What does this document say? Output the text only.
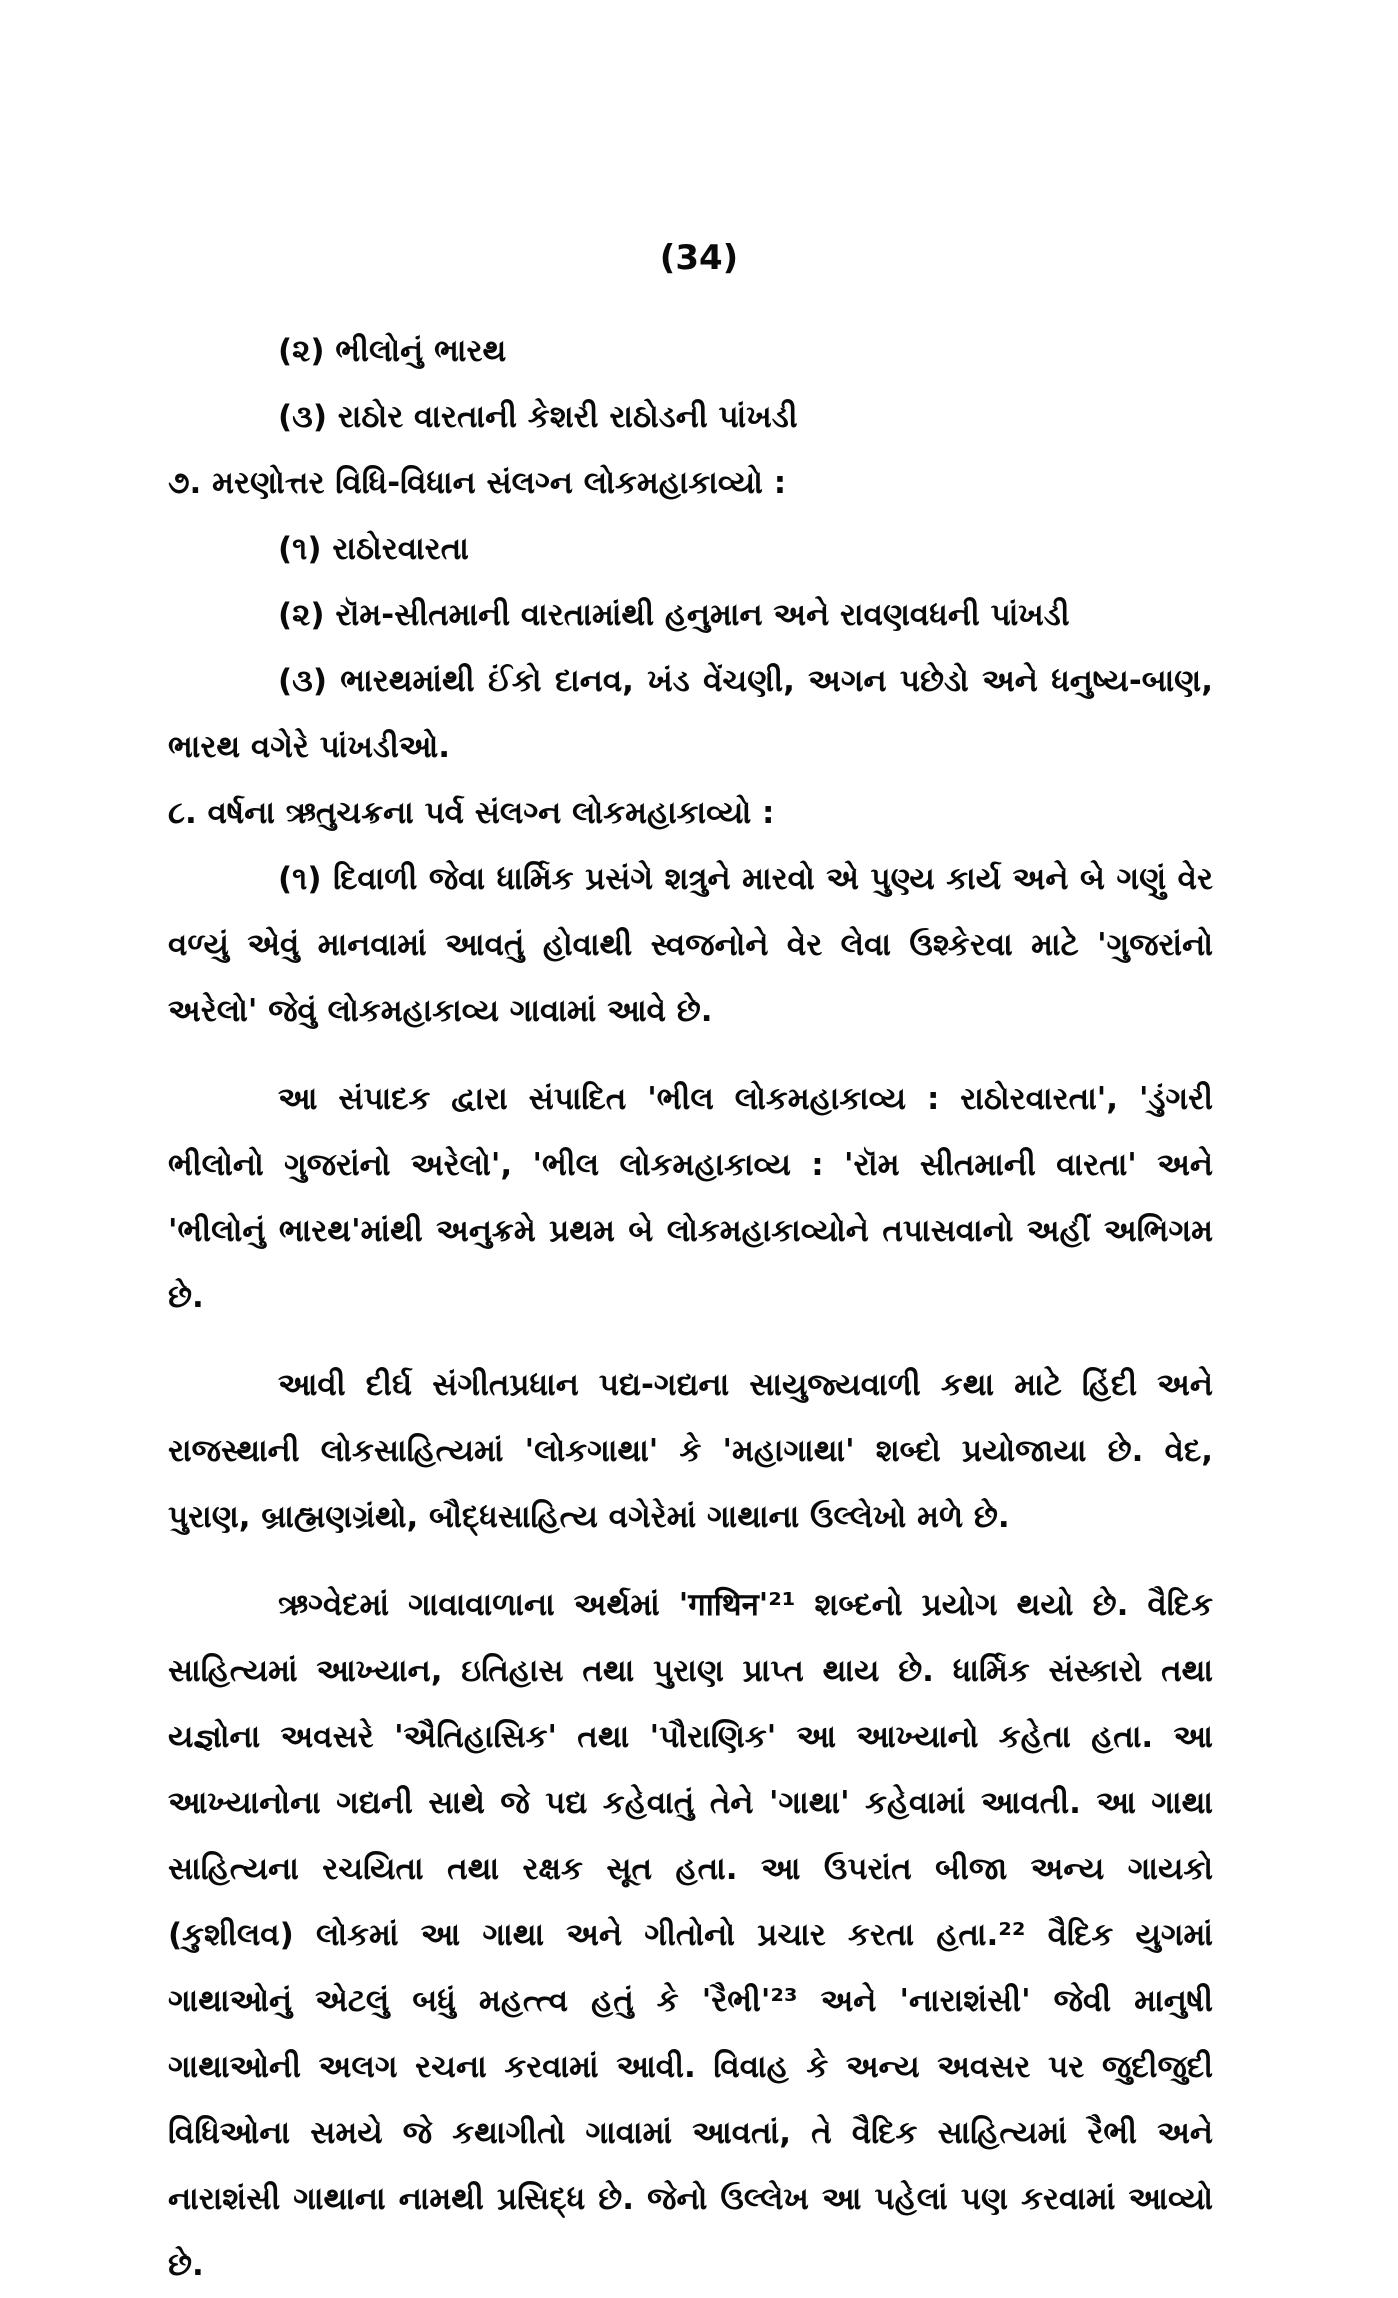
(34)

(૨) ભીલોનું ભારથ

(૩) રાઠોર વારતાની કેશરી રાઠોડની પાંખડી

૭. મરણોત્તર વિધિ-વિધાન સંલગ્ન લોકમહાકાવ્યો :

(૧) રાઠોરવારતા

(૨) રૉમ-સીતમાની વારતામાંથી હનુમાન અને રાવણવધની પાંખડી

(૩) ભારથમાંથી ઈંકો દાનવ, ખંડ વેંચણી, અગન પછેડો અને ધનુષ્ય-બાણ, ભારથ વગેરે પાંખડીઓ.

૮. વર્ષના ઋતુચક્રના પર્વ સંલગ્ન લોકમહાકાવ્યો :

(૧) દિવાળી જેવા ધાર્મિક પ્રસંગે શત્રુને મારવો એ પુણ્ય કાર્ય અને બે ગણું વેર વળ્યું એવું માનવામાં આવતું હોવાથી સ્વજનોને વેર લેવા ઉશ્કેરવા માટે 'ગુજરાંનો અરેલો' જેવું લોકમહાકાવ્ય ગાવામાં આવે છે.

આ સંપાદક દ્વારા સંપાદિત 'ભીલ લોકમહાકાવ્ય : રાઠોરવારતા', 'ડુંગરી ભીલોનો ગુજરાંનો અરેલો', 'ભીલ લોકમહાકાવ્ય : 'રૉમ સીતમાની વારતા' અને 'ભીલોનું ભારથ'માંથી અનુક્રમે પ્રથમ બે લોકમહાકાવ્યોને તપાસવાનો અહીં અભિગમ છે.

આવી દીર્ઘ સંગીતપ્રધાન પદ્ય-ગદ્યના સાયુજ્યવાળી કથા માટે હિંદી અને રાજસ્થાની લોકસાહિત્યમાં 'લોકગાથા' કે 'મહાગાથા' શબ્દો પ્રયોજાયા છે. વેદ, પુરાણ, બ્રાહ્મણગ્રંથો, બૌદ્ધસાહિત્ય વગેરેમાં ગાથાના ઉલ્લેખો મળે છે.

ઋગ્વેદમાં ગાવાવાળાના અર્થમાં 'गाथिन'²¹ શબ્દનો પ્રયોગ થયો છે. વૈદિક સાહિત્યમાં આખ્યાન, ઇતિહાસ તથા પુરાણ પ્રાપ્ત થાય છે. ધાર્મિક સંસ્કારો તથા યજ્ઞોના અવસરે 'ઐતિહાસિક' તથા 'પૌરાણિક' આ આખ્યાનો કહેતા હતા. આ આખ્યાનોના ગદ્યની સાથે જે પદ્ય કહેવાતું તેને 'ગાથા' કહેવામાં આવતી. આ ગાથા સાહિત્યના રચયિતા તથા રક્ષક સૂત હતા. આ ઉપરાંત બીજા અન્ય ગાયકો (કુશીલવ) લોકમાં આ ગાથા અને ગીતોનો પ્રચાર કરતા હતા.²² વૈદિક યુગમાં ગાથાઓનું એટલું બધું મહત્ત્વ હતું કે 'રૈભી'²³ અને 'નારાશંસી' જેવી માનુષી ગાથાઓની અલગ રચના કરવામાં આવી. વિવાહ કે અન્ય અવસર પર જુદીજુદી વિધિઓના સમયે જે કથાગીતો ગાવામાં આવતાં, તે વૈદિક સાહિત્યમાં રૈભી અને નારાશંસી ગાથાના નામથી પ્રસિદ્ધ છે. જેનો ઉલ્લેખ આ પહેલાં પણ કરવામાં આવ્યો છે.
